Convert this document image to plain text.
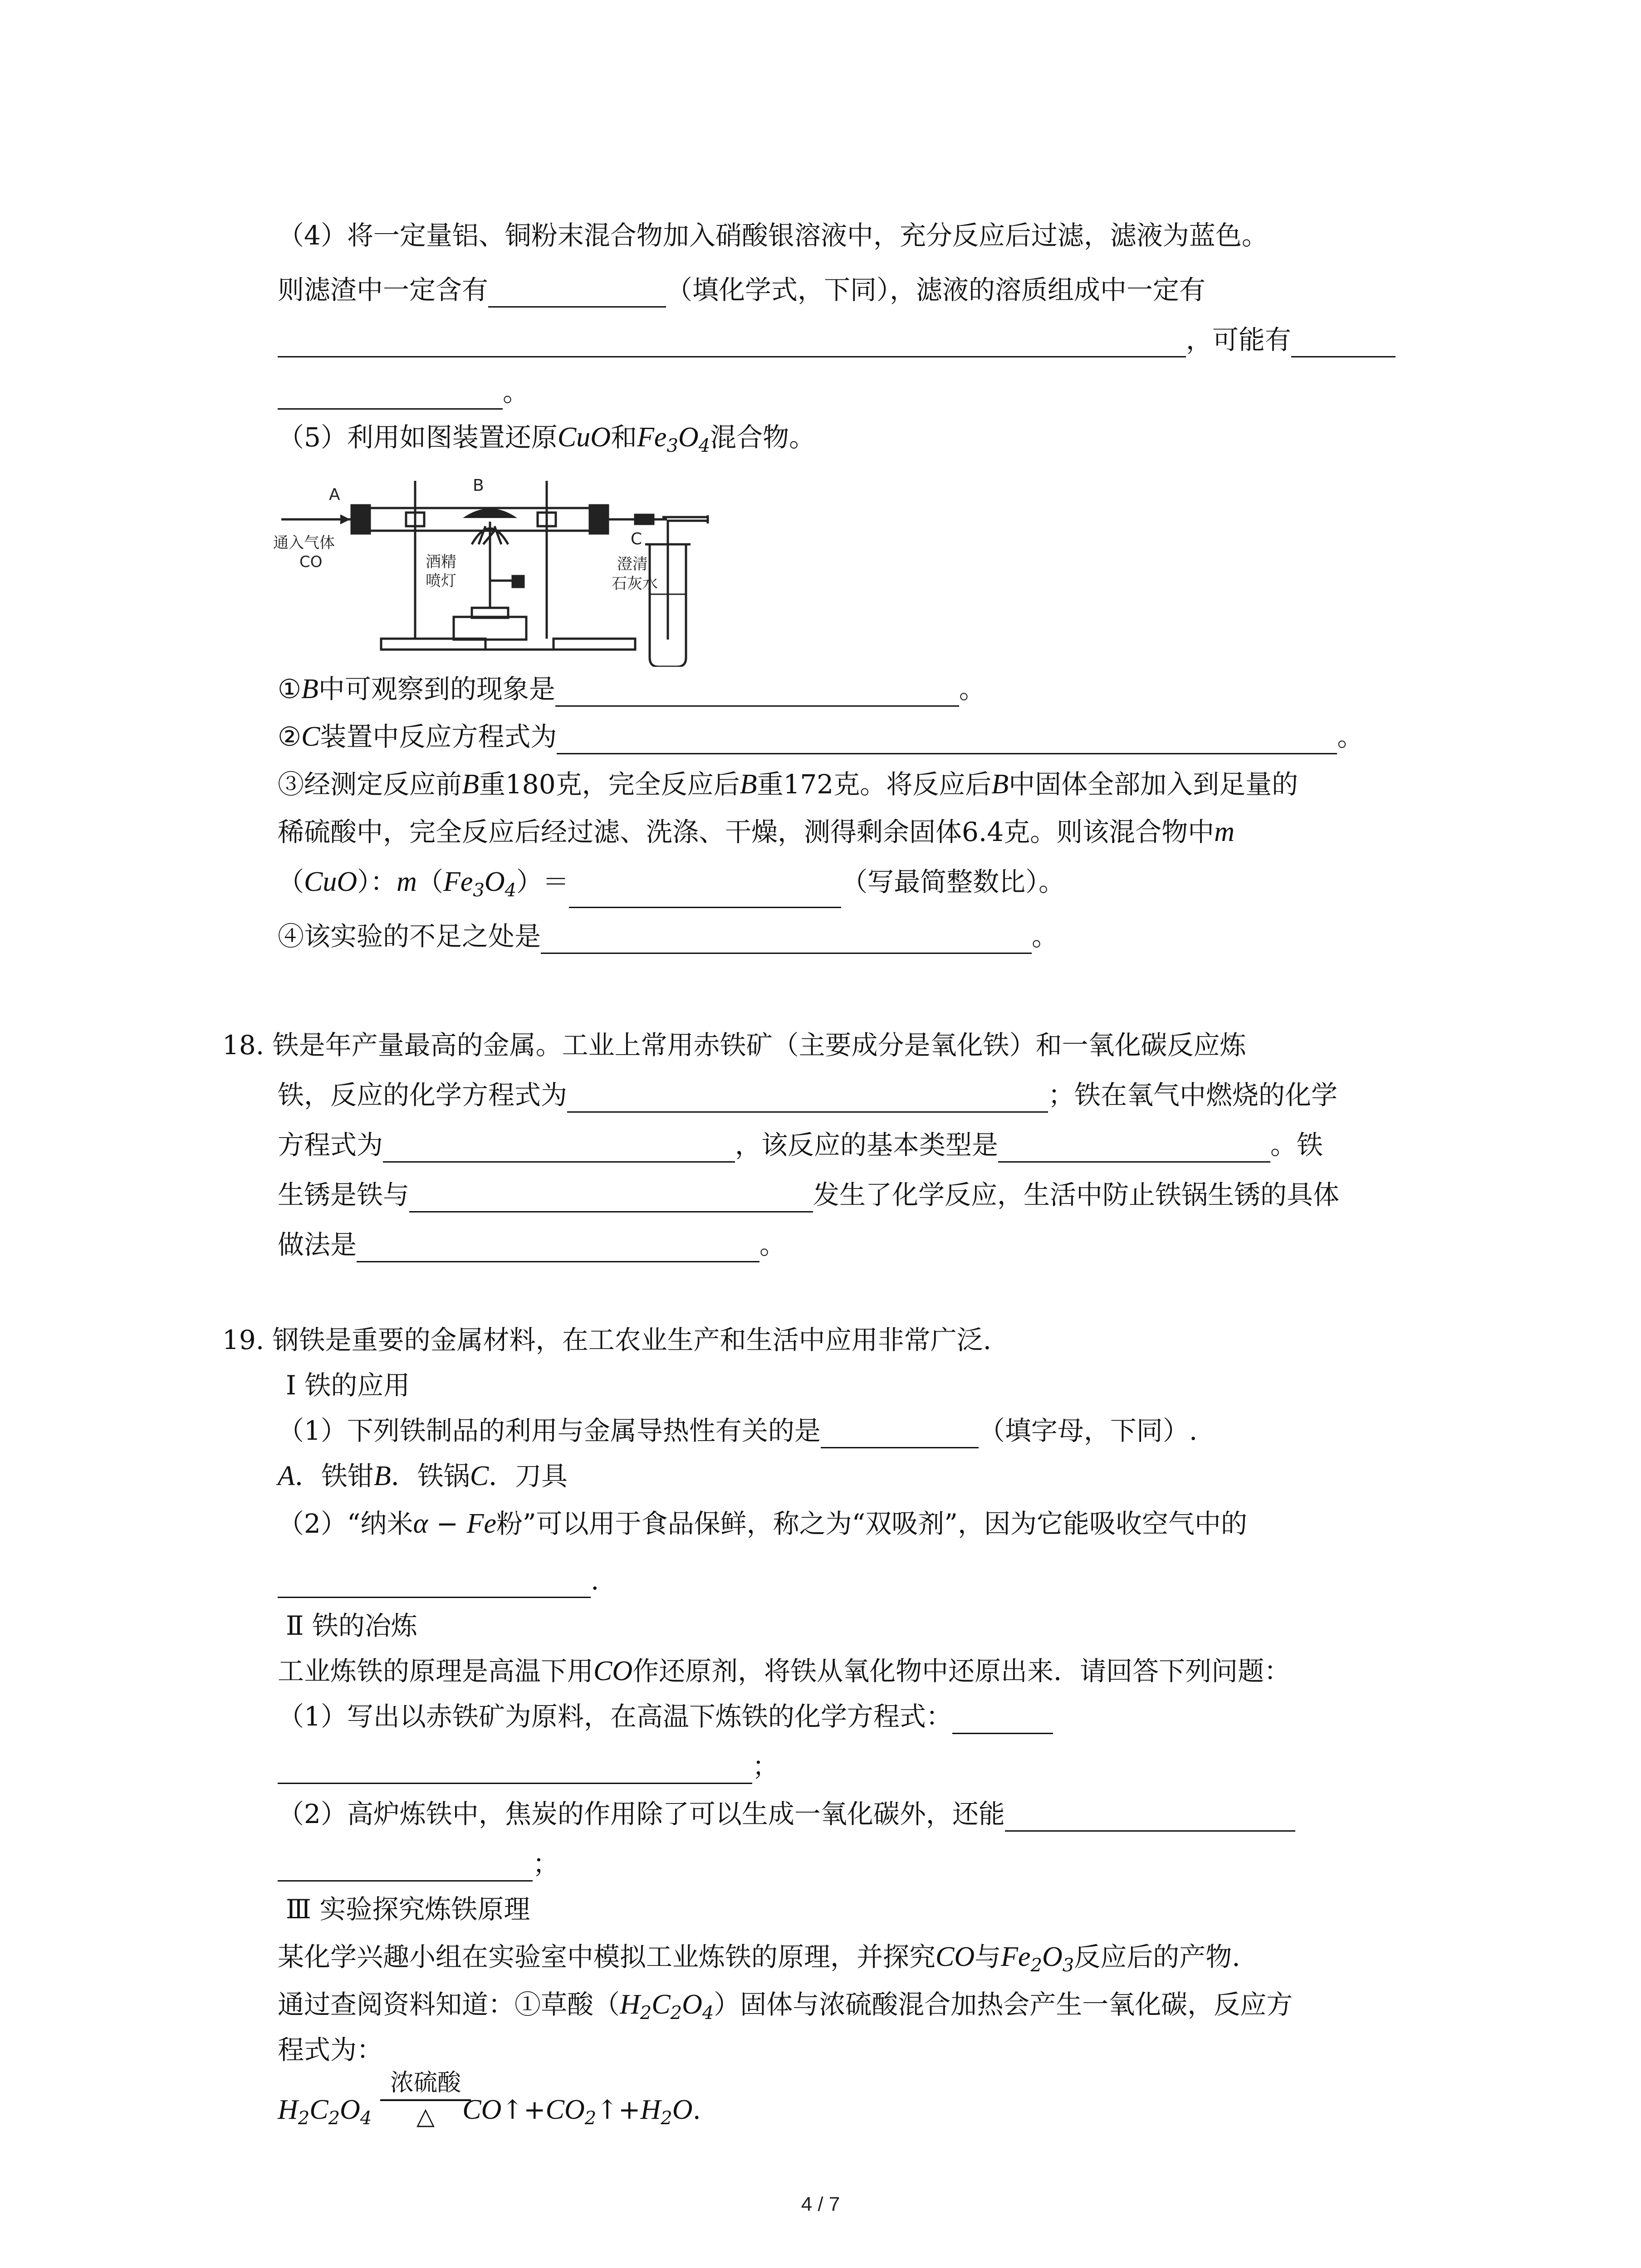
（4）将一定量铝、铜粉末混合物加入硝酸银溶液中，充分反应后过滤，滤液为蓝色。
则滤渣中一定含有	（填化学式，下同），滤液的溶质组成中一定有
，可能有
。
（5）利用如图装置还原CuO和$Fe_3O_4$混合物。
A	B
C
通入气体
CO	酒精
喷灯
澄清
石灰水
①B中可观察到的现象是	。
②C装置中反应方程式为	。
③经测定反应前B重180克，完全反应后B重172克。将反应后B中固体全部加入到足量的
稀硫酸中，完全反应后经过滤、洗涤、干燥，测得剩余固体6.4克。则该混合物中m
（CuO）：$m(Fe_3O_4)=$	（写最简整数比）。
④该实验的不足之处是	。
18. 铁是年产量最高的金属。工业上常用赤铁矿（主要成分是氧化铁）和一氧化碳反应炼
铁，反应的化学方程式为	；铁在氧气中燃烧的化学
方程式为	，该反应的基本类型是	。铁
生锈是铁与	发生了化学反应，生活中防止铁锅生锈的具体
做法是	。
19. 钢铁是重要的金属材料，在工农业生产和生活中应用非常广泛.
Ⅰ 铁的应用
（1）下列铁制品的利用与金属导热性有关的是	（填字母，下同）.
A．铁钳B．铁锅C．刀具
（2）“纳米α − Fe粉”可以用于食品保鲜，称之为“双吸剂”，因为它能吸收空气中的
.
Ⅱ 铁的冶炼
工业炼铁的原理是高温下用CO作还原剂，将铁从氧化物中还原出来．请回答下列问题：
（1）写出以赤铁矿为原料，在高温下炼铁的化学方程式：
；
（2）高炉炼铁中，焦炭的作用除了可以生成一氧化碳外，还能
；
Ⅲ 实验探究炼铁原理
某化学兴趣小组在实验室中模拟工业炼铁的原理，并探究CO与$Fe_2O_3$反应后的产物.
通过查阅资料知道：①草酸$(H_2C_2O_4)$固体与浓硫酸混合加热会产生一氧化碳，反应方
程式为：
$H_2C_2O_4$	$CO↑+CO_2↑+H_2O$.
浓硫酸
△
4 / 7
